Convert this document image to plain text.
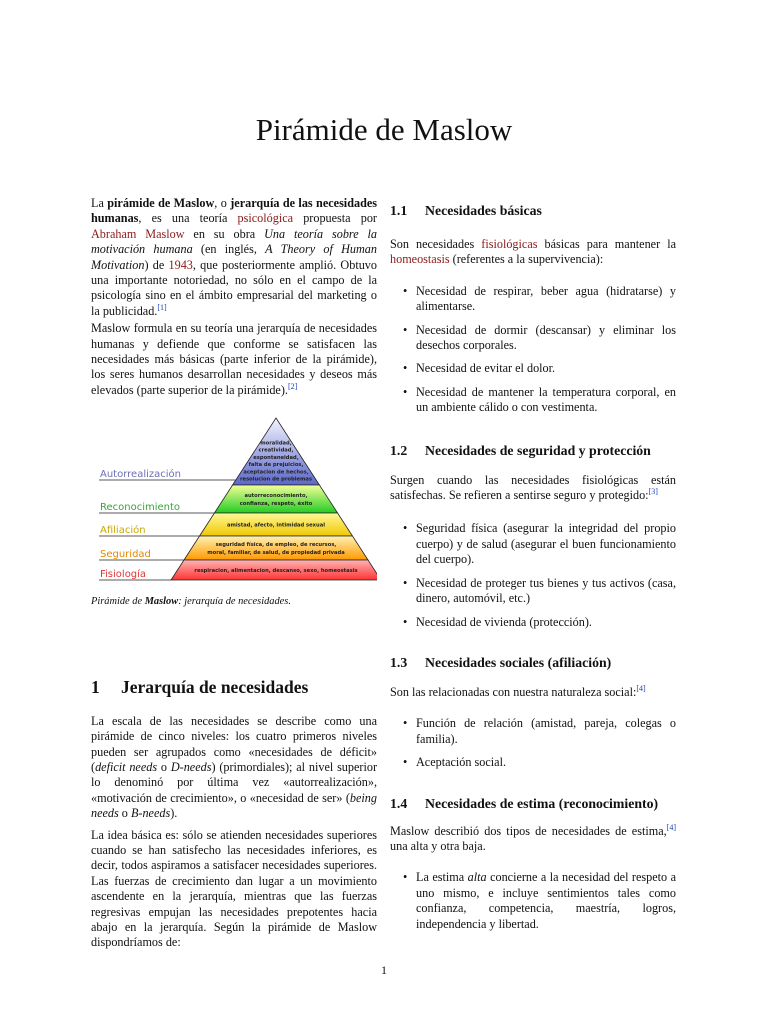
Pirámide de Maslow

La pirámide de Maslow, o jerarquía de las necesidades humanas, es una teoría psicológica propuesta por Abraham Maslow en su obra Una teoría sobre la motivación humana (en inglés, A Theory of Human Motivation) de 1943, que posteriormente amplió. Obtuvo una importante notoriedad, no sólo en el campo de la psicología sino en el ámbito empresarial del marketing o la publicidad.[1]

Maslow formula en su teoría una jerarquía de necesidades humanas y defiende que conforme se satisfacen las necesidades más básicas (parte inferior de la pirámide), los seres humanos desarrollan necesidades y deseos más elevados (parte superior de la pirámide).[2]

moralidad,
creatividad,
espontaneidad,
falta de prejuicios,
aceptacion de hechos,
resolucion de problemas
Autorrealización
autorreconocimiento,
confianza, respeto, éxito
Reconocimiento
amistad, afecto, intimidad sexual
Afiliación
seguridad física, de empleo, de recursos,
moral, familiar, de salud, de propiedad privada
Seguridad
respiracion, alimentacion, descanso, sexo, homeostasis
Fisiología
Pirámide de Maslow: jerarquía de necesidades.
1 Jerarquía de necesidades

La escala de las necesidades se describe como una pirámide de cinco niveles: los cuatro primeros niveles pueden ser agrupados como «necesidades de déficit» (deficit needs o D-needs) (primordiales); al nivel superior lo denominó por última vez «autorrealización», «motivación de crecimiento», o «necesidad de ser» (being needs o B-needs).

La idea básica es: sólo se atienden necesidades superiores cuando se han satisfecho las necesidades inferiores, es decir, todos aspiramos a satisfacer necesidades superiores. Las fuerzas de crecimiento dan lugar a un movimiento ascendente en la jerarquía, mientras que las fuerzas regresivas empujan las necesidades prepotentes hacia abajo en la jerarquía. Según la pirámide de Maslow dispondríamos de:

1.1 Necesidades básicas

Son necesidades fisiológicas básicas para mantener la homeostasis (referentes a la supervivencia):

• Necesidad de respirar, beber agua (hidratarse) y alimentarse.
• Necesidad de dormir (descansar) y eliminar los desechos corporales.
• Necesidad de evitar el dolor.
• Necesidad de mantener la temperatura corporal, en un ambiente cálido o con vestimenta.
1.2 Necesidades de seguridad y protección

Surgen cuando las necesidades fisiológicas están satisfechas. Se refieren a sentirse seguro y protegido:[3]

• Seguridad física (asegurar la integridad del propio cuerpo) y de salud (asegurar el buen funcionamiento del cuerpo).
• Necesidad de proteger tus bienes y tus activos (casa, dinero, automóvil, etc.)
• Necesidad de vivienda (protección).
1.3 Necesidades sociales (afiliación)

Son las relacionadas con nuestra naturaleza social:[4]

• Función de relación (amistad, pareja, colegas o familia).
• Aceptación social.
1.4 Necesidades de estima (reconocimiento)

Maslow describió dos tipos de necesidades de estima,[4] una alta y otra baja.

• La estima alta concierne a la necesidad del respeto a uno mismo, e incluye sentimientos tales como confianza, competencia, maestría, logros, independencia y libertad.
1
